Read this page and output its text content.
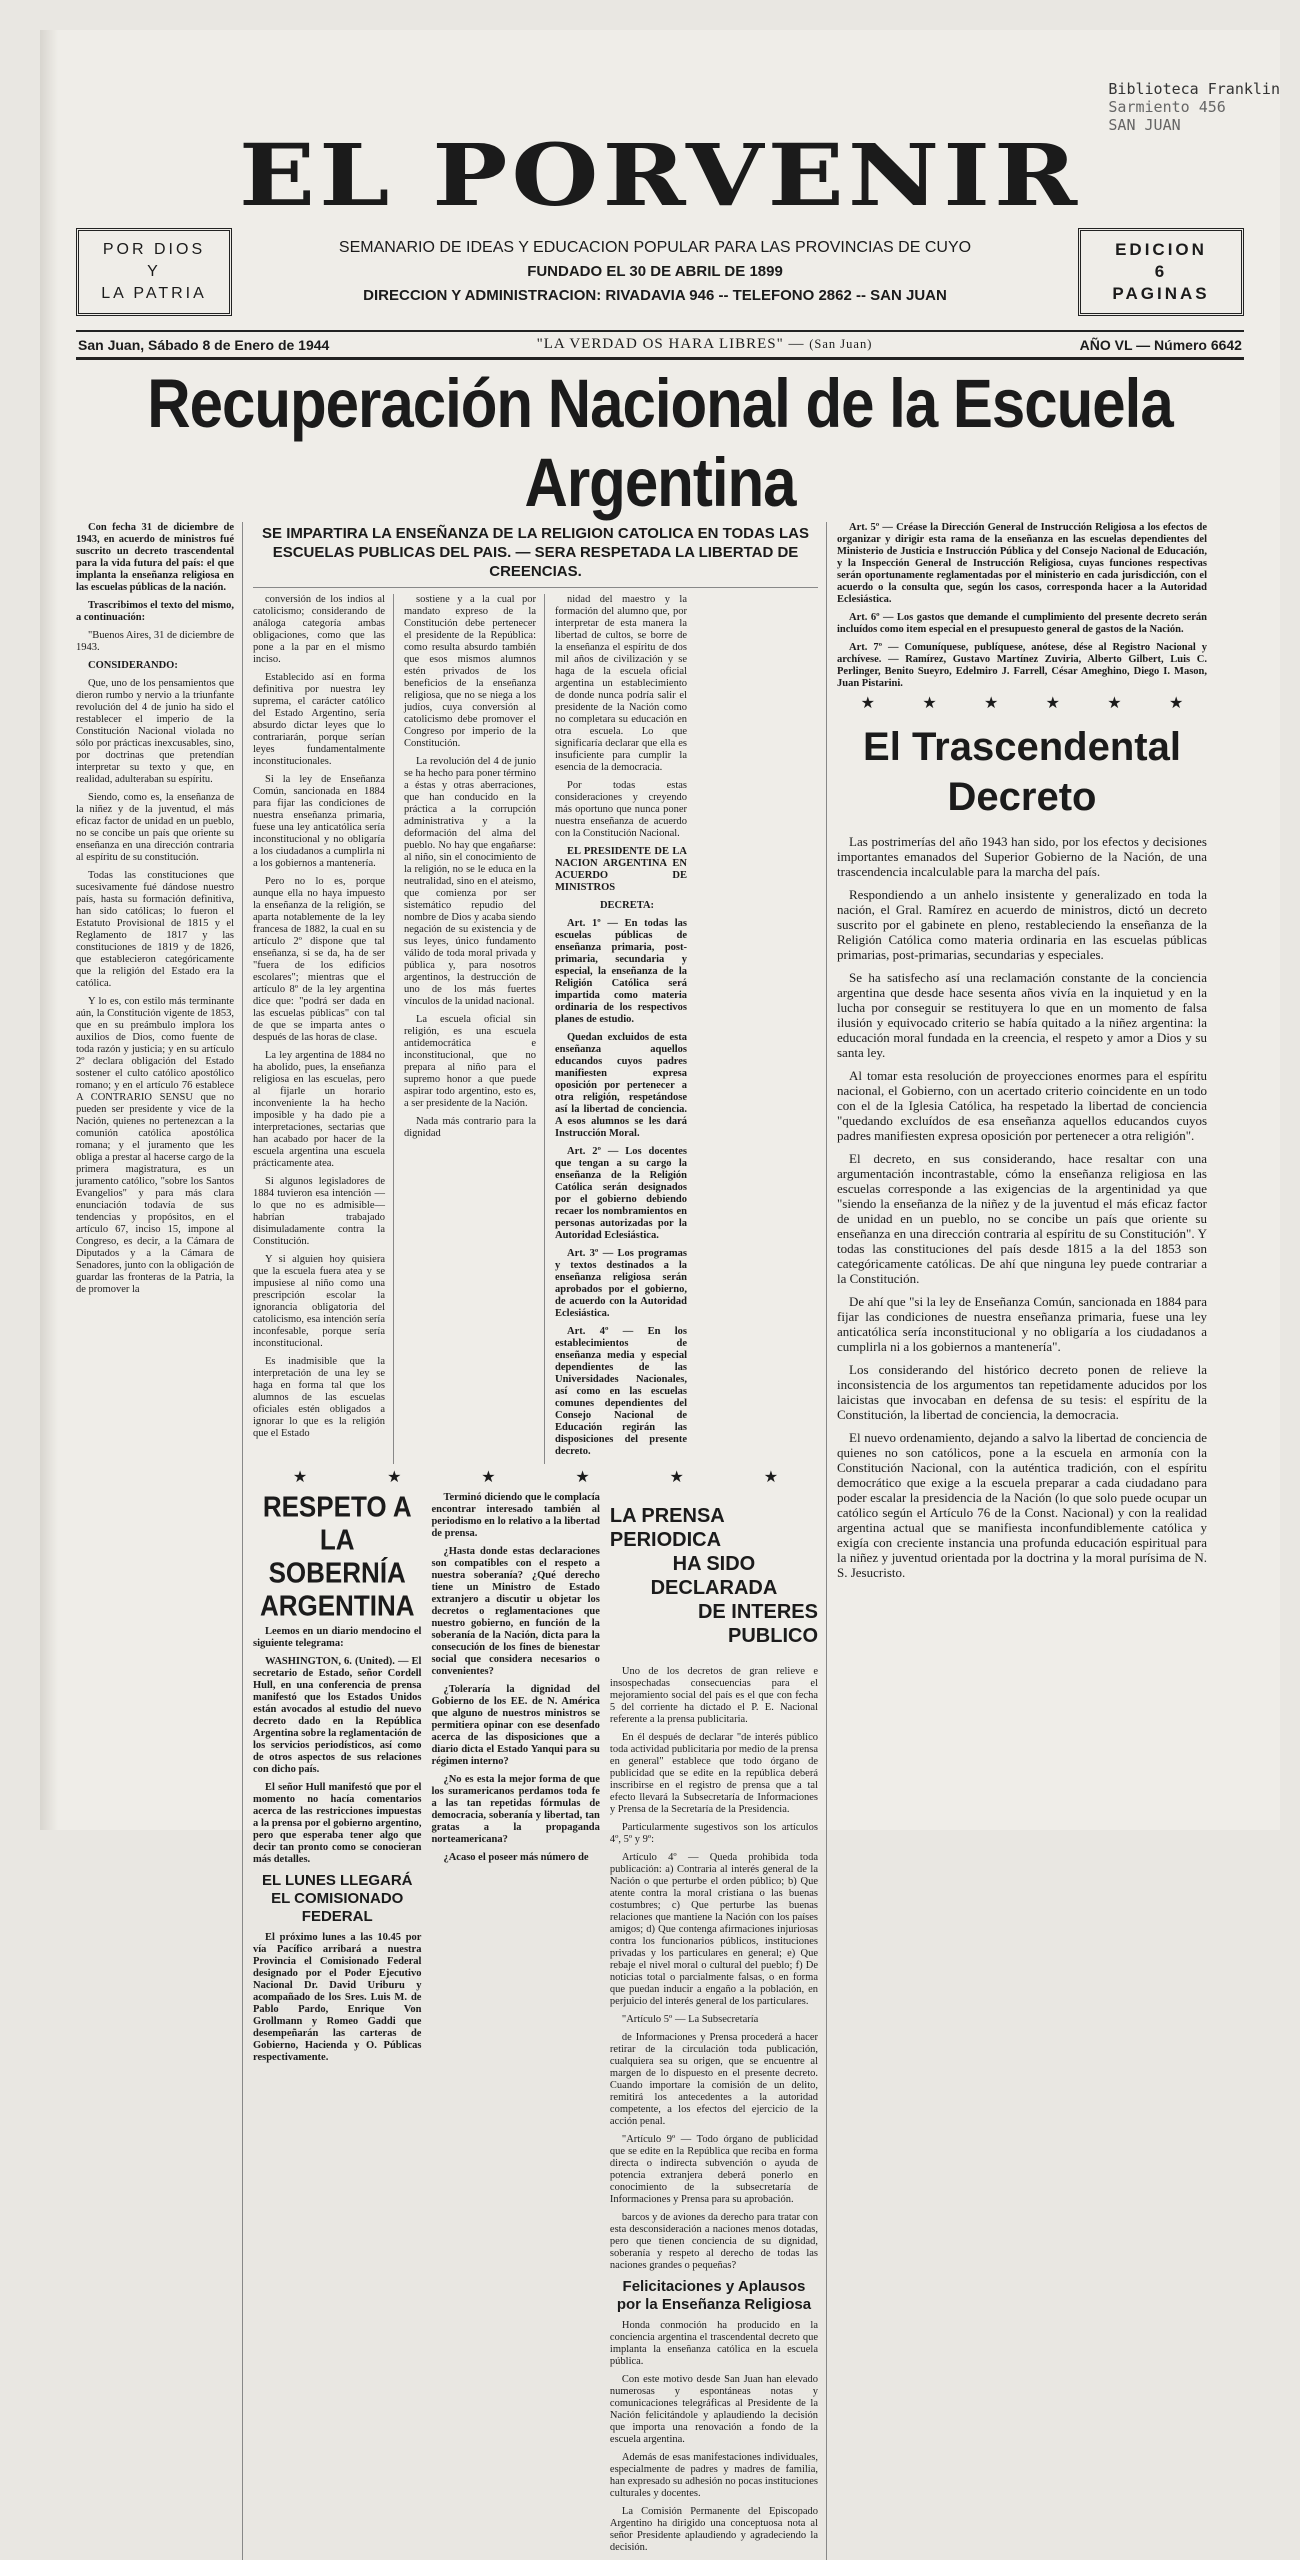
Biblioteca Franklin
Sarmiento 456
SAN JUAN
EL PORVENIR
POR DIOS
Y
LA PATRIA
SEMANARIO DE IDEAS Y EDUCACION POPULAR PARA LAS PROVINCIAS DE CUYO
FUNDADO EL 30 DE ABRIL DE 1899
DIRECCION Y ADMINISTRACION: RIVADAVIA 946 -- TELEFONO 2862 -- SAN JUAN
EDICION
6
PAGINAS
San Juan, Sábado 8 de Enero de 1944	"LA VERDAD OS HARA LIBRES" — (San Juan)	AÑO VL — Número 6642
Recuperación Nacional de la Escuela Argentina

Con fecha 31 de diciembre de 1943, en acuerdo de ministros fué suscrito un decreto trascendental para la vida futura del país: el que implanta la enseñanza religiosa en las escuelas públicas de la nación.

Trascribimos el texto del mismo, a continuación:

"Buenos Aires, 31 de diciembre de 1943.

CONSIDERANDO:

Que, uno de los pensamientos que dieron rumbo y nervio a la triunfante revolución del 4 de junio ha sido el restablecer el imperio de la Constitución Nacional violada no sólo por prácticas inexcusables, sino, por doctrinas que pretendían interpretar su texto y que, en realidad, adulteraban su espíritu.

Siendo, como es, la enseñanza de la niñez y de la juventud, el más eficaz factor de unidad en un pueblo, no se concibe un país que oriente su enseñanza en una dirección contraria al espíritu de su constitución.

Todas las constituciones que sucesivamente fué dándose nuestro país, hasta su formación definitiva, han sido católicas; lo fueron el Estatuto Provisional de 1815 y el Reglamento de 1817 y las constituciones de 1819 y de 1826, que establecieron categóricamente que la religión del Estado era la católica.

Y lo es, con estilo más terminante aún, la Constitución vigente de 1853, que en su preámbulo implora los auxilios de Dios, como fuente de toda razón y justicia; y en su artículo 2º declara obligación del Estado sostener el culto católico apostólico romano; y en el artículo 76 establece A CONTRARIO SENSU que no pueden ser presidente y vice de la Nación, quienes no pertenezcan a la comunión católica apostólica romana; y el juramento que les obliga a prestar al hacerse cargo de la primera magistratura, es un juramento católico, "sobre los Santos Evangelios" y para más clara enunciación todavía de sus tendencias y propósitos, en el artículo 67, inciso 15, impone al Congreso, es decir, a la Cámara de Diputados y a la Cámara de Senadores, junto con la obligación de guardar las fronteras de la Patria, la de promover la

SE IMPARTIRA LA ENSEÑANZA DE LA RELIGION CATOLICA EN TODAS LAS ESCUELAS PUBLICAS DEL PAIS. — SERA RESPETADA LA LIBERTAD DE CREENCIAS.

conversión de los indios al catolicismo; considerando de análoga categoría ambas obligaciones, como que las pone a la par en el mismo inciso.

Establecido así en forma definitiva por nuestra ley suprema, el carácter católico del Estado Argentino, sería absurdo dictar leyes que lo contrariarán, porque serían leyes fundamentalmente inconstitucionales.

Si la ley de Enseñanza Común, sancionada en 1884 para fijar las condiciones de nuestra enseñanza primaria, fuese una ley anticatólica sería inconstitucional y no obligaría a los ciudadanos a cumplirla ni a los gobiernos a mantenería.

Pero no lo es, porque aunque ella no haya impuesto la enseñanza de la religión, se aparta notablemente de la ley francesa de 1882, la cual en su artículo 2º dispone que tal enseñanza, si se da, ha de ser "fuera de los edificios escolares"; mientras que el artículo 8º de la ley argentina dice que: "podrá ser dada en las escuelas públicas" con tal de que se imparta antes o después de las horas de clase.

La ley argentina de 1884 no ha abolido, pues, la enseñanza religiosa en las escuelas, pero al fijarle un horario inconveniente la ha hecho imposible y ha dado pie a interpretaciones, sectarias que han acabado por hacer de la escuela argentina una escuela prácticamente atea.

Si algunos legisladores de 1884 tuvieron esa intención —lo que no es admisible— habrían trabajado disimuladamente contra la Constitución.

Y si alguien hoy quisiera que la escuela fuera atea y se impusiese al niño como una prescripción escolar la ignorancia obligatoria del catolicismo, esa intención sería inconfesable, porque sería inconstitucional.

Es inadmisible que la interpretación de una ley se haga en forma tal que los alumnos de las escuelas oficiales estén obligados a ignorar lo que es la religión que el Estado

sostiene y a la cual por mandato expreso de la Constitución debe pertenecer el presidente de la República: como resulta absurdo también que esos mismos alumnos estén privados de los beneficios de la enseñanza religiosa, que no se niega a los judíos, cuya conversión al catolicismo debe promover el Congreso por imperio de la Constitución.

La revolución del 4 de junio se ha hecho para poner término a éstas y otras aberraciones, que han conducido en la práctica a la corrupción administrativa y a la deformación del alma del pueblo. No hay que engañarse: al niño, sin el conocimiento de la religión, no se le educa en la neutralidad, sino en el ateismo, que comienza por ser sistemático repudio del nombre de Dios y acaba siendo negación de su existencia y de sus leyes, único fundamento válido de toda moral privada y pública y, para nosotros argentinos, la destrucción de uno de los más fuertes vínculos de la unidad nacional.

La escuela oficial sin religión, es una escuela antidemocrática e inconstitucional, que no prepara al niño para el supremo honor a que puede aspirar todo argentino, esto es, a ser presidente de la Nación.

Nada más contrario para la dignidad

nidad del maestro y la formación del alumno que, por interpretar de esta manera la libertad de cultos, se borre de la enseñanza el espíritu de dos mil años de civilización y se haga de la escuela oficial argentina un establecimiento de donde nunca podría salir el presidente de la Nación como no completara su educación en otra escuela. Lo que significaría declarar que ella es insuficiente para cumplir la esencia de la democracia.

Por todas estas consideraciones y creyendo más oportuno que nunca poner nuestra enseñanza de acuerdo con la Constitución Nacional.

EL PRESIDENTE DE LA NACION ARGENTINA EN ACUERDO DE MINISTROS

DECRETA:

Art. 1º — En todas las escuelas públicas de enseñanza primaria, post-primaria, secundaria y especial, la enseñanza de la Religión Católica será impartida como materia ordinaria de los respectivos planes de estudio.

Quedan excluidos de esta enseñanza aquellos educandos cuyos padres manifiesten expresa oposición por pertenecer a otra religión, respetándose así la libertad de conciencia. A esos alumnos se les dará Instrucción Moral.

Art. 2º — Los docentes que tengan a su cargo la enseñanza de la Religión Católica serán designados por el gobierno debiendo recaer los nombramientos en personas autorizadas por la Autoridad Eclesiástica.

Art. 3º — Los programas y textos destinados a la enseñanza religiosa serán aprobados por el gobierno, de acuerdo con la Autoridad Eclesiástica.

Art. 4º — En los establecimientos de enseñanza media y especial dependientes de las Universidades Nacionales, así como en las escuelas comunes dependientes del Consejo Nacional de Educación regirán las disposiciones del presente decreto.

★	★	★	★	★	★
RESPETO A LA SOBERNÍA
ARGENTINA

Leemos en un diario mendocino el siguiente telegrama:

WASHINGTON, 6. (United). — El secretario de Estado, señor Cordell Hull, en una conferencia de prensa manifestó que los Estados Unidos están avocados al estudio del nuevo decreto dado en la República Argentina sobre la reglamentación de los servicios periodísticos, así como de otros aspectos de sus relaciones con dicho país.

El señor Hull manifestó que por el momento no hacía comentarios acerca de las restricciones impuestas a la prensa por el gobierno argentino, pero que esperaba tener algo que decir tan pronto como se conocieran más detalles.

EL LUNES LLEGARÁ EL COMISIONADO FEDERAL

El próximo lunes a las 10.45 por vía Pacífico arribará a nuestra Provincia el Comisionado Federal designado por el Poder Ejecutivo Nacional Dr. David Uriburu y acompañado de los Sres. Luis M. de Pablo Pardo, Enrique Von Grollmann y Romeo Gaddi que desempeñarán las carteras de Gobierno, Hacienda y O. Públicas respectivamente.

Terminó diciendo que le complacía encontrar interesado también al periodismo en lo relativo a la libertad de prensa.

¿Hasta donde estas declaraciones son compatibles con el respeto a nuestra soberanía? ¿Qué derecho tiene un Ministro de Estado extranjero a discutir u objetar los decretos o reglamentaciones que nuestro gobierno, en función de la soberanía de la Nación, dicta para la consecución de los fines de bienestar social que considera necesarios o convenientes?

¿Toleraría la dignidad del Gobierno de los EE. de N. América que alguno de nuestros ministros se permitiera opinar con ese desenfado acerca de las disposiciones que a diario dicta el Estado Yanqui para su régimen interno?

¿No es esta la mejor forma de que los suramericanos perdamos toda fe a las tan repetidas fórmulas de democracia, soberanía y libertad, tan gratas a la propaganda norteamericana?

¿Acaso el poseer más número de

LA PRENSA PERIODICA
HA SIDO DECLARADA
DE INTERES PUBLICO

Uno de los decretos de gran relieve e insospechadas consecuencias para el mejoramiento social del país es el que con fecha 5 del corriente ha dictado el P. E. Nacional referente a la prensa publicitaria.

En él después de declarar "de interés público toda actividad publicitaria por medio de la prensa en general" establece que todo órgano de publicidad que se edite en la república deberá inscribirse en el registro de prensa que a tal efecto llevará la Subsecretaría de Informaciones y Prensa de la Secretaría de la Presidencia.

Particularmente sugestivos son los artículos 4º, 5º y 9º:

Artículo 4º — Queda prohibida toda publicación: a) Contraria al interés general de la Nación o que perturbe el orden público; b) Que atente contra la moral cristiana o las buenas costumbres; c) Que perturbe las buenas relaciones que mantiene la Nación con los países amigos; d) Que contenga afirmaciones injuriosas contra los funcionarios públicos, instituciones privadas y los particulares en general; e) Que rebaje el nivel moral o cultural del pueblo; f) De noticias total o parcialmente falsas, o en forma que puedan inducir a engaño a la población, en perjuicio del interés general de los particulares.

"Artículo 5º — La Subsecretaría

de Informaciones y Prensa procederá a hacer retirar de la circulación toda publicación, cualquiera sea su origen, que se encuentre al margen de lo dispuesto en el presente decreto. Cuando importare la comisión de un delito, remitirá los antecedentes a la autoridad competente, a los efectos del ejercicio de la acción penal.

"Artículo 9º — Todo órgano de publicidad que se edite en la República que reciba en forma directa o indirecta subvención o ayuda de potencia extranjera deberá ponerlo en conocimiento de la subsecretaría de Informaciones y Prensa para su aprobación.

barcos y de aviones da derecho para tratar con esta desconsideración a naciones menos dotadas, pero que tienen conciencia de su dignidad, soberanía y respeto al derecho de todas las naciones grandes o pequeñas?

Felicitaciones y Aplausos por la Enseñanza Religiosa

Honda conmoción ha producido en la conciencia argentina el trascendental decreto que implanta la enseñanza católica en la escuela pública.

Con este motivo desde San Juan han elevado numerosas y espontáneas notas y comunicaciones telegráficas al Presidente de la Nación felicitándole y aplaudiendo la decisión que importa una renovación a fondo de la escuela argentina.

Además de esas manifestaciones individuales, especialmente de padres y madres de familia, han expresado su adhesión no pocas instituciones culturales y docentes.

La Comisión Permanente del Episcopado Argentino ha dirigido una conceptuosa nota al señor Presidente aplaudiendo y agradeciendo la decisión.

Art. 5º — Créase la Dirección General de Instrucción Religiosa a los efectos de organizar y dirigir esta rama de la enseñanza en las escuelas dependientes del Ministerio de Justicia e Instrucción Pública y del Consejo Nacional de Educación, y la Inspección General de Instrucción Religiosa, cuyas funciones respectivas serán oportunamente reglamentadas por el ministerio en cada jurisdicción, con el acuerdo o la consulta que, según los casos, corresponda hacer a la Autoridad Eclesiástica.

Art. 6º — Los gastos que demande el cumplimiento del presente decreto serán incluídos como item especial en el presupuesto general de gastos de la Nación.

Art. 7º — Comuníquese, publíquese, anótese, dése al Registro Nacional y archívese. — Ramírez, Gustavo Martínez Zuviria, Alberto Gilbert, Luis C. Perlinger, Benito Sueyro, Edelmiro J. Farrell, César Ameghino, Diego I. Mason, Juan Pistarini.

★	★	★	★	★	★
El Trascendental Decreto

Las postrimerías del año 1943 han sido, por los efectos y decisiones importantes emanados del Superior Gobierno de la Nación, de una trascendencia incalculable para la marcha del país.

Respondiendo a un anhelo insistente y generalizado en toda la nación, el Gral. Ramírez en acuerdo de ministros, dictó un decreto suscrito por el gabinete en pleno, restableciendo la enseñanza de la Religión Católica como materia ordinaria en las escuelas públicas primarias, post-primarias, secundarias y especiales.

Se ha satisfecho así una reclamación constante de la conciencia argentina que desde hace sesenta años vivía en la inquietud y en la lucha por conseguir se restituyera lo que en un momento de falsa ilusión y equivocado criterio se había quitado a la niñez argentina: la educación moral fundada en la creencia, el respeto y amor a Dios y su santa ley.

Al tomar esta resolución de proyecciones enormes para el espíritu nacional, el Gobierno, con un acertado criterio coincidente en un todo con el de la Iglesia Católica, ha respetado la libertad de conciencia "quedando excluídos de esa enseñanza aquellos educandos cuyos padres manifiesten expresa oposición por pertenecer a otra religión".

El decreto, en sus considerando, hace resaltar con una argumentación incontrastable, cómo la enseñanza religiosa en las escuelas corresponde a las exigencias de la argentinidad ya que "siendo la enseñanza de la niñez y de la juventud el más eficaz factor de unidad en un pueblo, no se concibe un país que oriente su enseñanza en una dirección contraria al espíritu de su Constitución". Y todas las constituciones del país desde 1815 a la del 1853 son categóricamente católicas. De ahí que ninguna ley puede contrariar a la Constitución.

De ahí que "si la ley de Enseñanza Común, sancionada en 1884 para fijar las condiciones de nuestra enseñanza primaria, fuese una ley anticatólica sería inconstitucional y no obligaría a los ciudadanos a cumplirla ni a los gobiernos a mantenería".

Los considerando del histórico decreto ponen de relieve la inconsistencia de los argumentos tan repetidamente aducidos por los laicistas que invocaban en defensa de su tesis: el espíritu de la Constitución, la libertad de conciencia, la democracia.

El nuevo ordenamiento, dejando a salvo la libertad de conciencia de quienes no son católicos, pone a la escuela en armonía con la Constitución Nacional, con la auténtica tradición, con el espíritu democrático que exige a la escuela preparar a cada ciudadano para poder escalar la presidencia de la Nación (lo que solo puede ocupar un católico según el Artículo 76 de la Const. Nacional) y con la realidad argentina actual que se manifiesta inconfundiblemente católica y exigía con creciente instancia una profunda educación espiritual para la niñez y juventud orientada por la doctrina y la moral purísima de N. S. Jesucristo.
